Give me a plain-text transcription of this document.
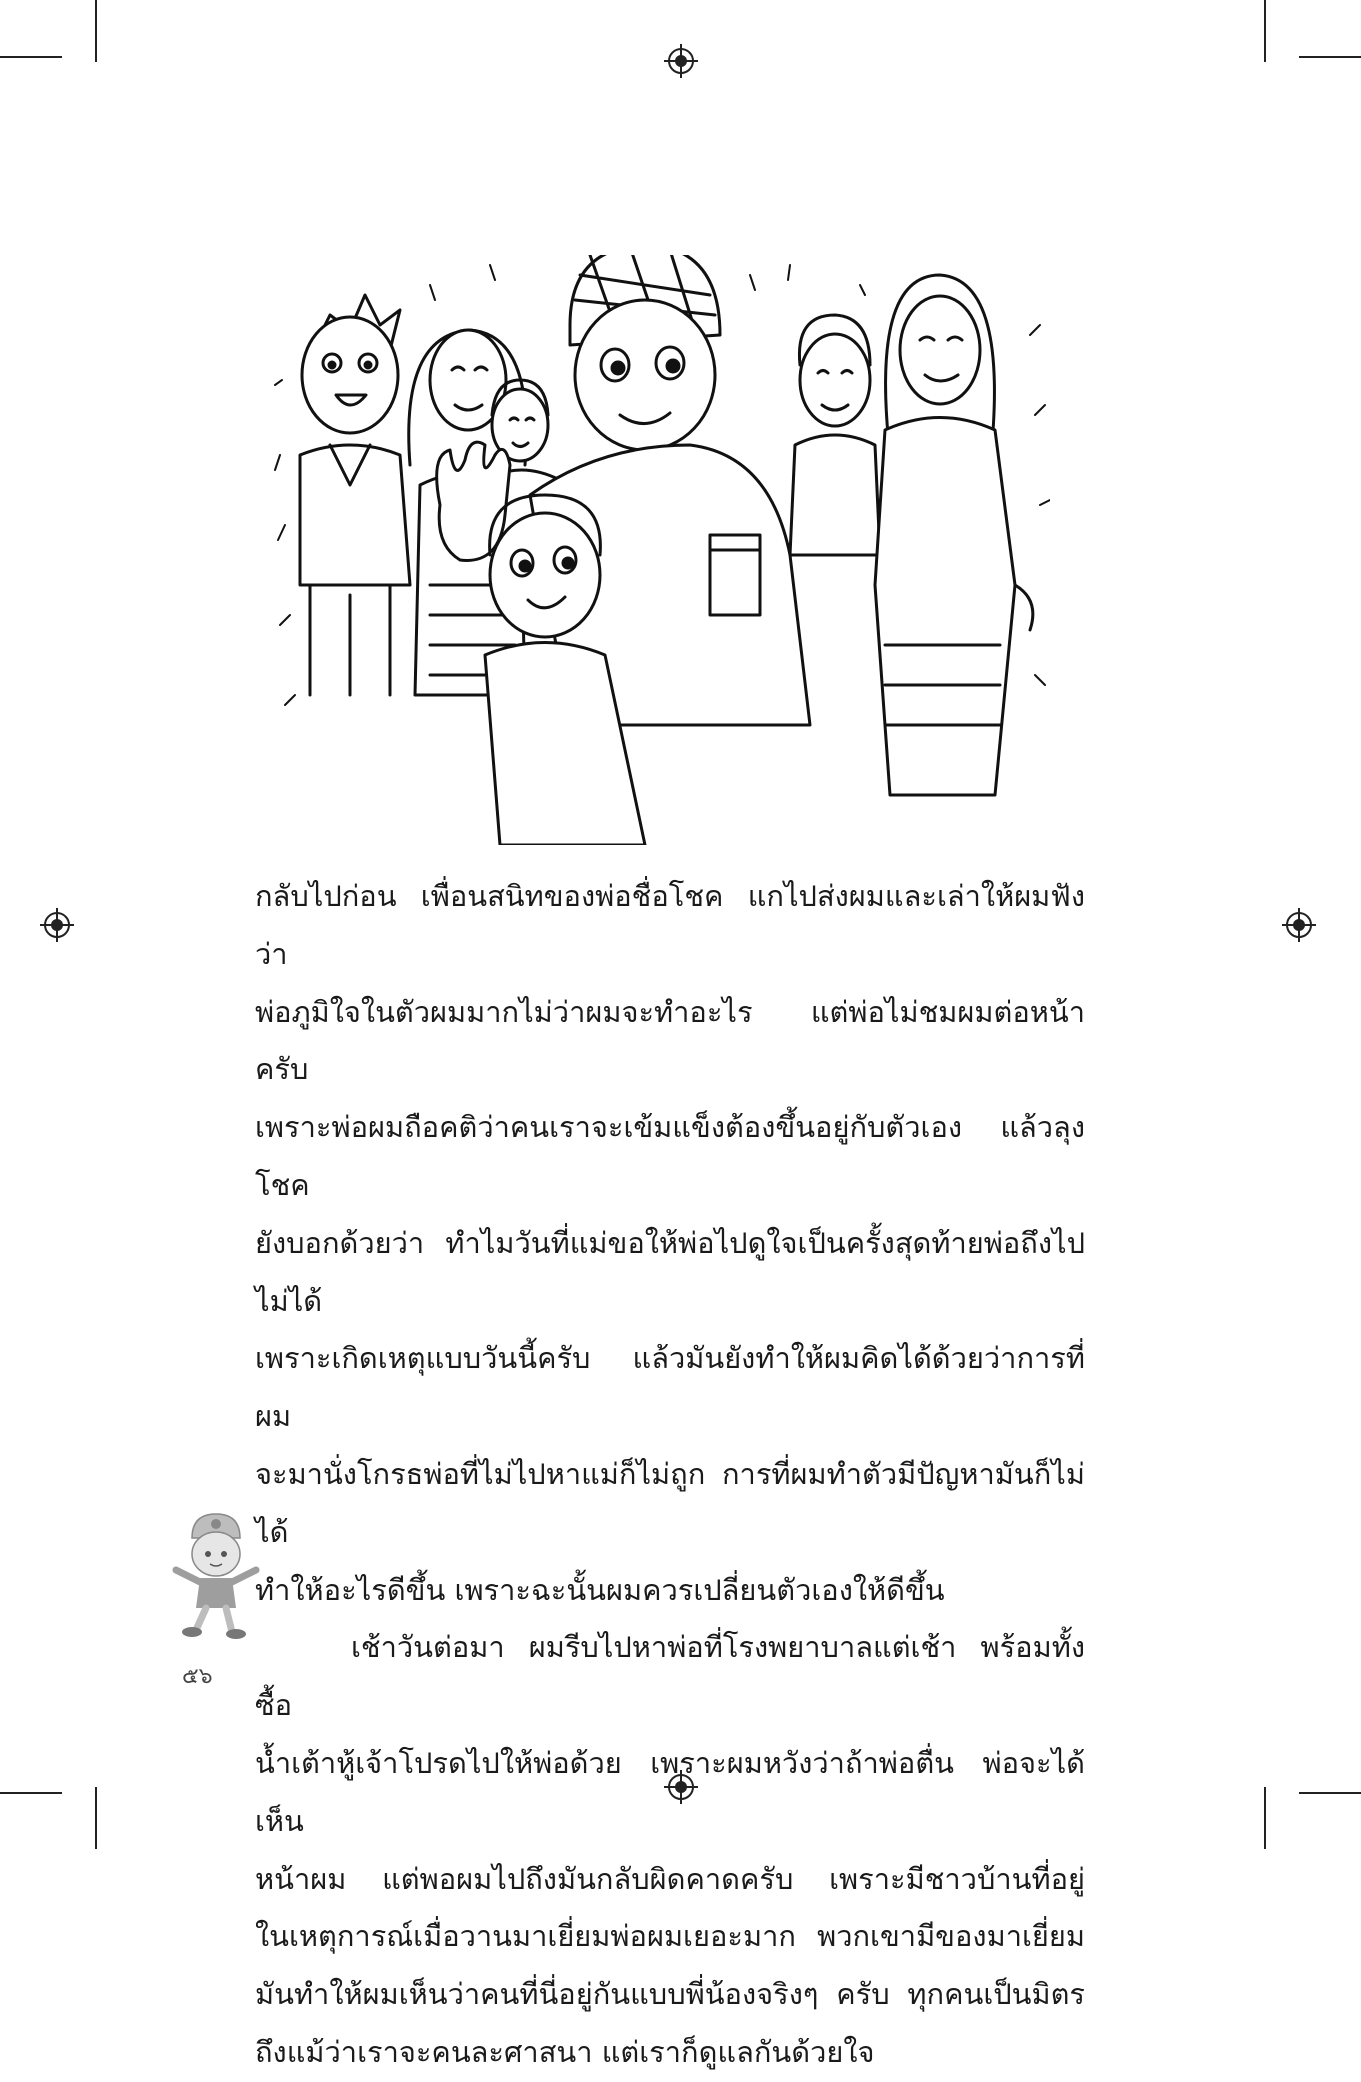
กลับไปก่อน เพื่อนสนิทของพ่อชื่อโชค แกไปส่งผมและเล่าให้ผมฟังว่า

พ่อภูมิใจในตัวผมมากไม่ว่าผมจะทำอะไร แต่พ่อไม่ชมผมต่อหน้าครับ

เพราะพ่อผมถือคติว่าคนเราจะเข้มแข็งต้องขึ้นอยู่กับตัวเอง แล้วลุงโชค

ยังบอกด้วยว่า ทำไมวันที่แม่ขอให้พ่อไปดูใจเป็นครั้งสุดท้ายพ่อถึงไปไม่ได้

เพราะเกิดเหตุแบบวันนี้ครับ แล้วมันยังทำให้ผมคิดได้ด้วยว่าการที่ผม

จะมานั่งโกรธพ่อที่ไม่ไปหาแม่ก็ไม่ถูก การที่ผมทำตัวมีปัญหามันก็ไม่ได้

ทำให้อะไรดีขึ้น เพราะฉะนั้นผมควรเปลี่ยนตัวเองให้ดีขึ้น

เช้าวันต่อมา ผมรีบไปหาพ่อที่โรงพยาบาลแต่เช้า พร้อมทั้งซื้อ

น้ำเต้าหู้เจ้าโปรดไปให้พ่อด้วย เพราะผมหวังว่าถ้าพ่อตื่น พ่อจะได้เห็น

หน้าผม แต่พอผมไปถึงมันกลับผิดคาดครับ เพราะมีชาวบ้านที่อยู่

ในเหตุการณ์เมื่อวานมาเยี่ยมพ่อผมเยอะมาก พวกเขามีของมาเยี่ยม

มันทำให้ผมเห็นว่าคนที่นี่อยู่กันแบบพี่น้องจริงๆ ครับ ทุกคนเป็นมิตร

ถึงแม้ว่าเราจะคนละศาสนา แต่เราก็ดูแลกันด้วยใจ

๕๖
